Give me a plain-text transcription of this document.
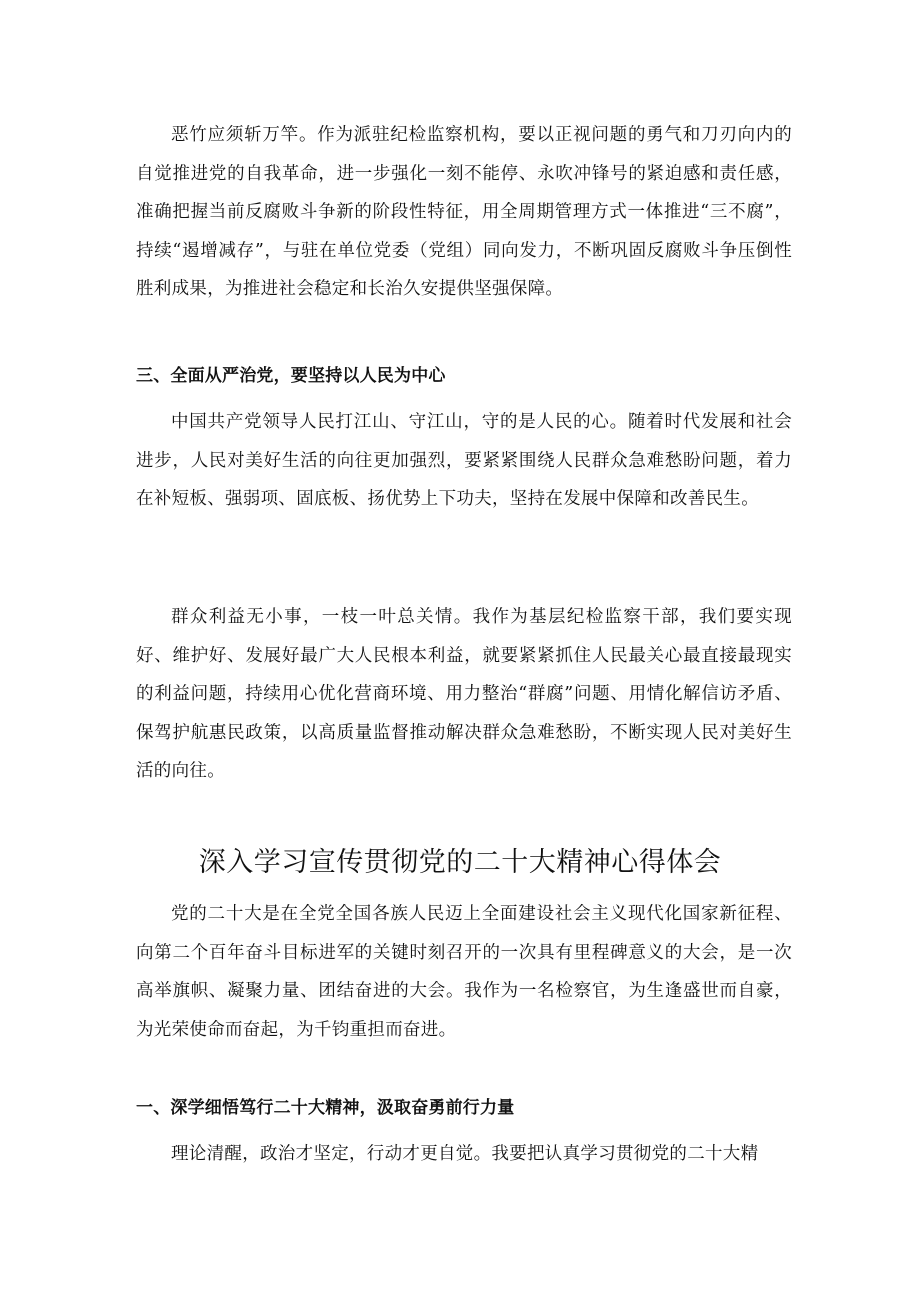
恶竹应须斩万竿。作为派驻纪检监察机构，要以正视问题的勇气和刀刃向内的自觉推进党的自我革命，进一步强化一刻不能停、永吹冲锋号的紧迫感和责任感，准确把握当前反腐败斗争新的阶段性特征，用全周期管理方式一体推进“三不腐”，持续“遏增减存”，与驻在单位党委（党组）同向发力，不断巩固反腐败斗争压倒性胜利成果，为推进社会稳定和长治久安提供坚强保障。

三、全面从严治党，要坚持以人民为中心

中国共产党领导人民打江山、守江山，守的是人民的心。随着时代发展和社会进步，人民对美好生活的向往更加强烈，要紧紧围绕人民群众急难愁盼问题，着力在补短板、强弱项、固底板、扬优势上下功夫，坚持在发展中保障和改善民生。

群众利益无小事，一枝一叶总关情。我作为基层纪检监察干部，我们要实现好、维护好、发展好最广大人民根本利益，就要紧紧抓住人民最关心最直接最现实的利益问题，持续用心优化营商环境、用力整治“群腐”问题、用情化解信访矛盾、保驾护航惠民政策，以高质量监督推动解决群众急难愁盼，不断实现人民对美好生活的向往。

深入学习宣传贯彻党的二十大精神心得体会

党的二十大是在全党全国各族人民迈上全面建设社会主义现代化国家新征程、向第二个百年奋斗目标进军的关键时刻召开的一次具有里程碑意义的大会，是一次高举旗帜、凝聚力量、团结奋进的大会。我作为一名检察官，为生逢盛世而自豪，为光荣使命而奋起，为千钧重担而奋进。

一、深学细悟笃行二十大精神，汲取奋勇前行力量

理论清醒，政治才坚定，行动才更自觉。我要把认真学习贯彻党的二十大精
